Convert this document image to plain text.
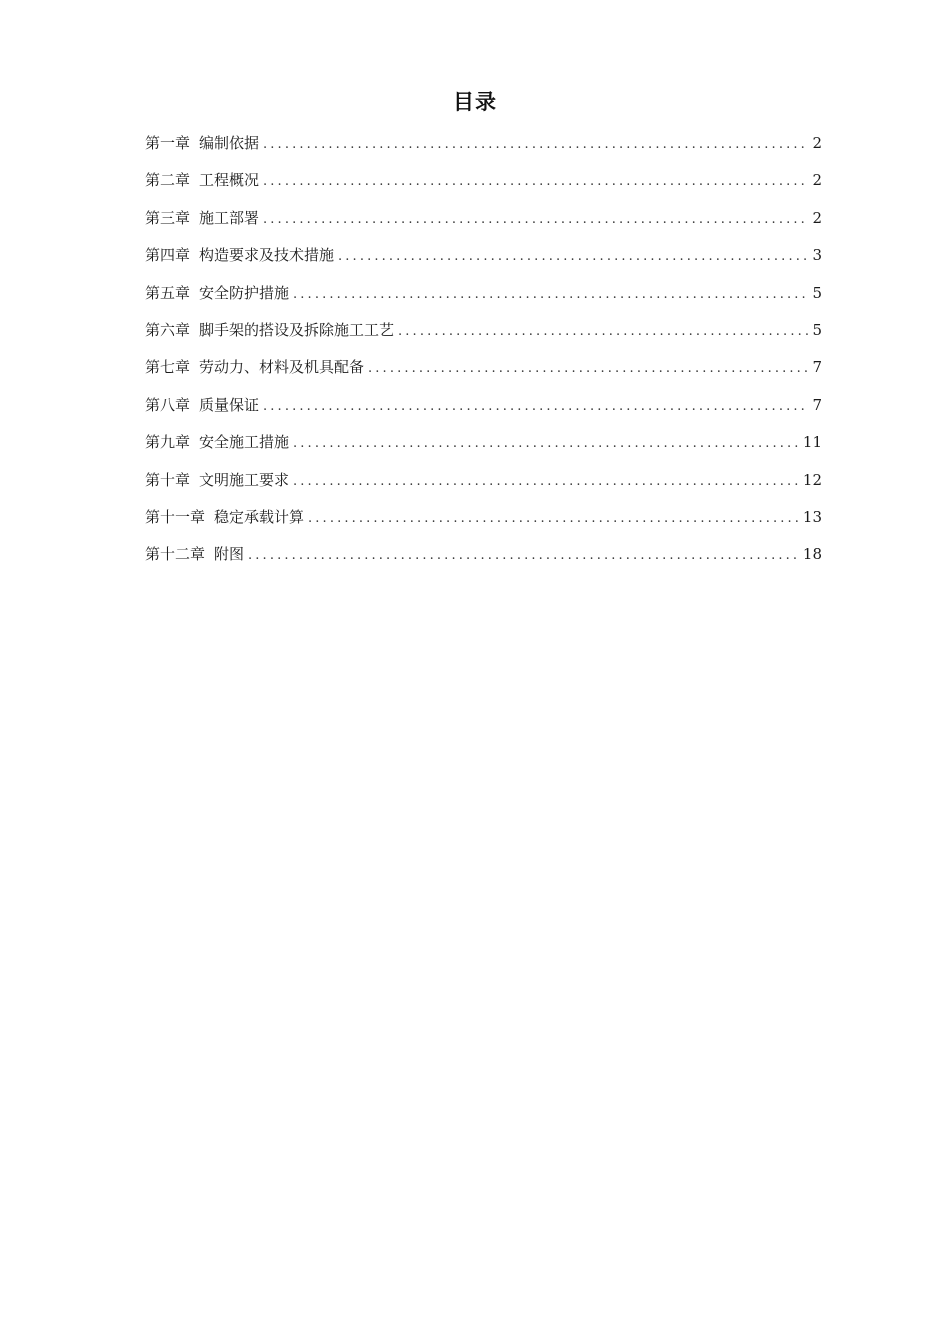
目录
第一章 编制依据 . . .	2
第二章 工程概况 . . .	2
第三章 施工部署 . . .	2
第四章 构造要求及技术措施 . . .	3
第五章 安全防护措施 . . .	5
第六章 脚手架的搭设及拆除施工工艺 . . .	5
第七章 劳动力、材料及机具配备 . . .	7
第八章 质量保证 . . .	7
第九章 安全施工措施 . . .	11
第十章 文明施工要求 . . .	12
第十一章 稳定承载计算 . . .	13
第十二章 附图 . . .	18
